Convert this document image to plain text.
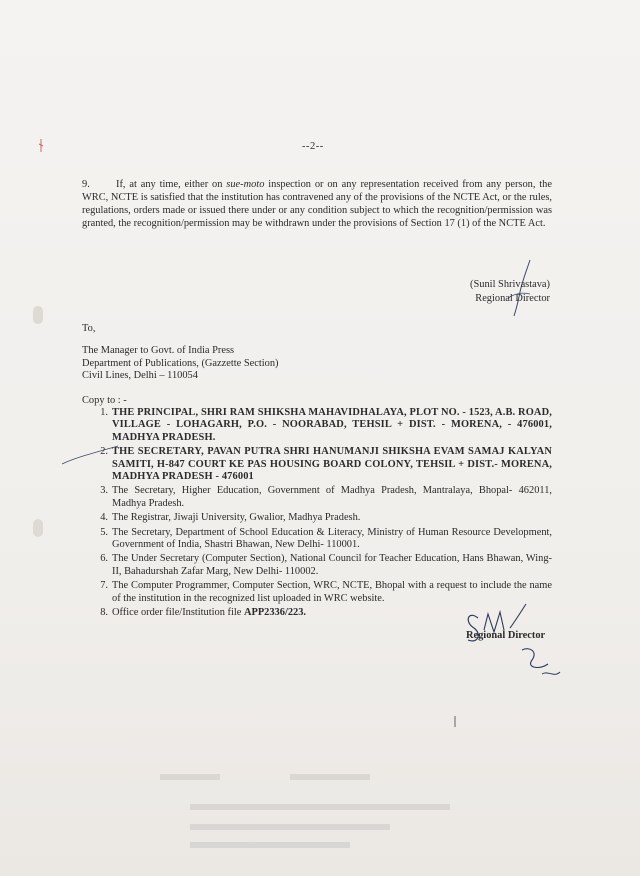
--2--
9.	If, at any time, either on sue-moto inspection or on any representation received from any person, the WRC, NCTE is satisfied that the institution has contravened any of the provisions of the NCTE Act, or the rules, regulations, orders made or issued there under or any condition subject to which the recognition/permission was granted, the recognition/permission may be withdrawn under the provisions of Section 17 (1) of the NCTE Act.
(Sunil Shrivastava)
Regional Director
To,
The Manager to Govt. of India Press
Department of Publications, (Gazzette Section)
Civil Lines, Delhi – 110054
Copy to : -
1. THE PRINCIPAL, SHRI RAM SHIKSHA MAHAVIDHALAYA, PLOT NO. - 1523, A.B. ROAD, VILLAGE - LOHAGARH, P.O. - NOORABAD, TEHSIL + DIST. - MORENA, - 476001, MADHYA PRADESH.
2. THE SECRETARY, PAVAN PUTRA SHRI HANUMANJI SHIKSHA EVAM SAMAJ KALYAN SAMITI, H-847 COURT KE PAS HOUSING BOARD COLONY, TEHSIL + DIST.- MORENA, MADHYA PRADESH - 476001
3. The Secretary, Higher Education, Government of Madhya Pradesh, Mantralaya, Bhopal- 462011, Madhya Pradesh.
4. The Registrar, Jiwaji University, Gwalior, Madhya Pradesh.
5. The Secretary, Department of School Education & Literacy, Ministry of Human Resource Development, Government of India, Shastri Bhawan, New Delhi- 110001.
6. The Under Secretary (Computer Section), National Council for Teacher Education, Hans Bhawan, Wing- II, Bahadurshah Zafar Marg, New Delhi- 110002.
7. The Computer Programmer, Computer Section, WRC, NCTE, Bhopal with a request to include the name of the institution in the recognized list uploaded in WRC website.
8. Office order file/Institution file APP2336/223.
Regional Director
